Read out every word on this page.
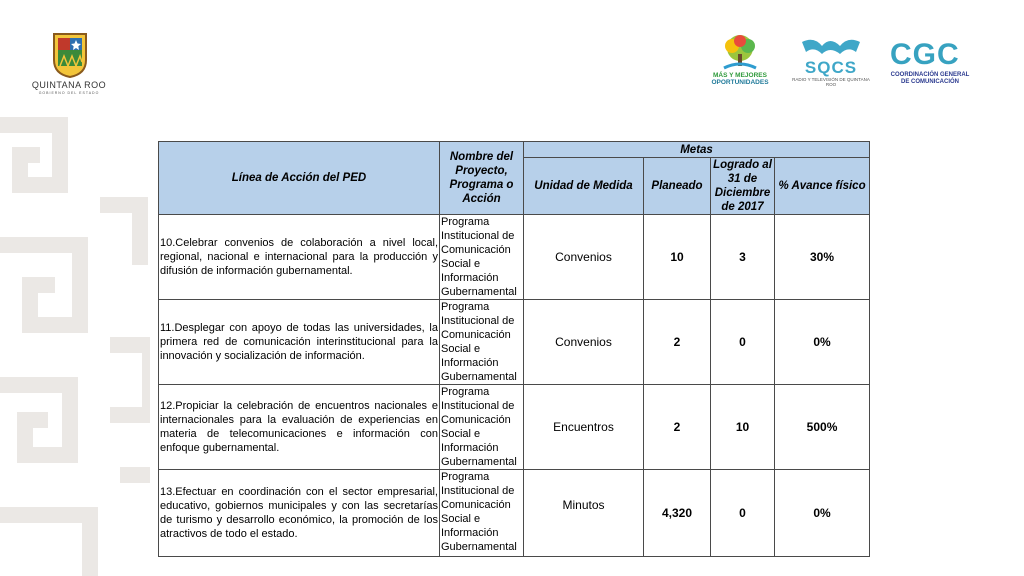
QUINTANA ROO
GOBIERNO DEL ESTADO
MÁS Y MEJORES
OPORTUNIDADES
SQCS
RADIO Y TELEVISIÓN DE QUINTANA ROO
CGC
COORDINACIÓN GENERAL
DE COMUNICACIÓN
Línea de Acción del PED	Nombre del Proyecto, Programa o Acción	Metas			
		Unidad de Medida	Planeado	Logrado al 31 de Diciembre de 2017	% Avance físico
10.Celebrar convenios de colaboración a nivel local, regional, nacional e internacional para la producción y difusión de información gubernamental.	Programa Institucional de Comunicación Social e Información Gubernamental	Convenios	10	3	30%
11.Desplegar con apoyo de todas las universidades, la primera red de comunicación interinstitucional para la innovación y socialización de información.	Programa Institucional de Comunicación Social e Información Gubernamental	Convenios	2	0	0%
12.Propiciar la celebración de encuentros nacionales e internacionales para la evaluación de experiencias en materia de telecomunicaciones e información con enfoque gubernamental.	Programa Institucional de Comunicación Social e Información Gubernamental	Encuentros	2	10	500%
13.Efectuar en coordinación con el sector empresarial, educativo, gobiernos municipales y con las secretarías de turismo y desarrollo económico, la promoción de los atractivos de todo el estado.	Programa Institucional de Comunicación Social e Información Gubernamental	Minutos	4,320	0	0%
